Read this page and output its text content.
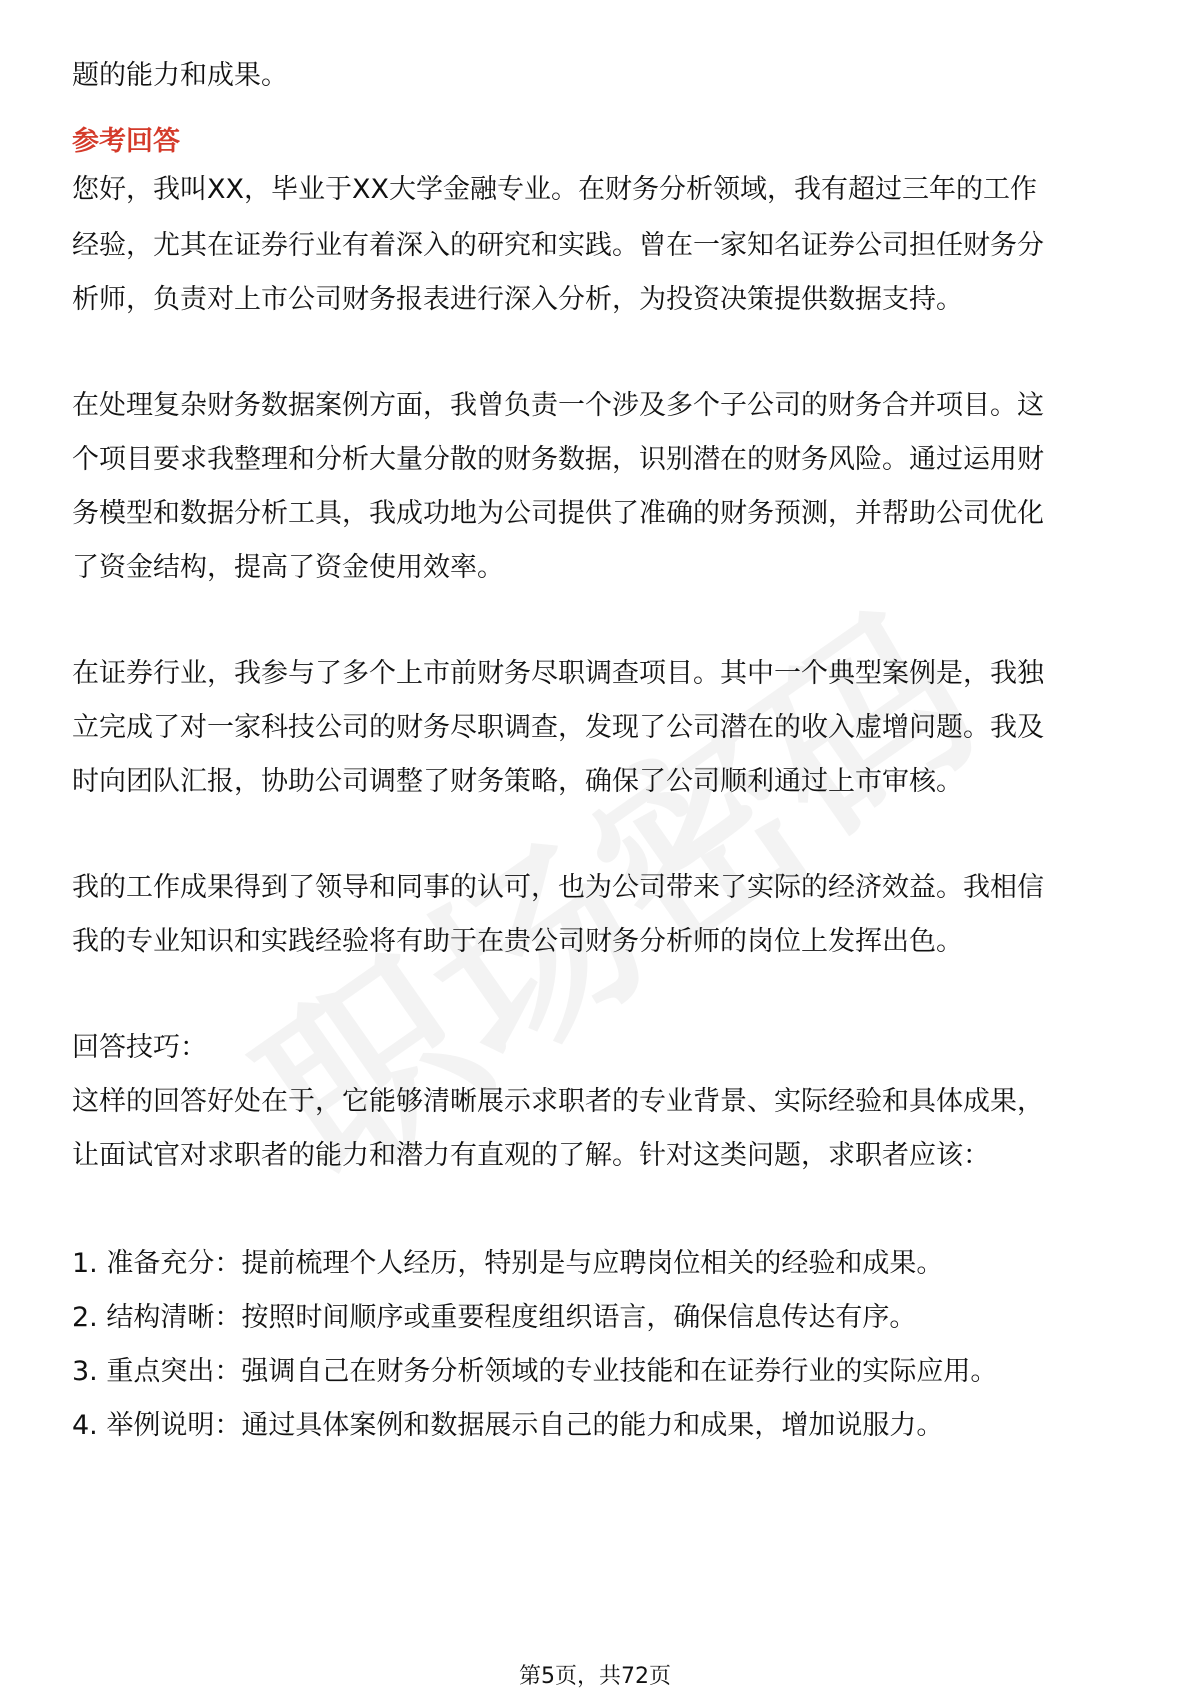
题的能力和成果。
参考回答
您好，我叫XX，毕业于XX大学金融专业。在财务分析领域，我有超过三年的工作
经验，尤其在证券行业有着深入的研究和实践。曾在一家知名证券公司担任财务分
析师，负责对上市公司财务报表进行深入分析，为投资决策提供数据支持。
在处理复杂财务数据案例方面，我曾负责一个涉及多个子公司的财务合并项目。这
个项目要求我整理和分析大量分散的财务数据，识别潜在的财务风险。通过运用财
务模型和数据分析工具，我成功地为公司提供了准确的财务预测，并帮助公司优化
了资金结构，提高了资金使用效率。
在证券行业，我参与了多个上市前财务尽职调查项目。其中一个典型案例是，我独
立完成了对一家科技公司的财务尽职调查，发现了公司潜在的收入虚增问题。我及
时向团队汇报，协助公司调整了财务策略，确保了公司顺利通过上市审核。
我的工作成果得到了领导和同事的认可，也为公司带来了实际的经济效益。我相信
我的专业知识和实践经验将有助于在贵公司财务分析师的岗位上发挥出色。
回答技巧：
这样的回答好处在于，它能够清晰展示求职者的专业背景、实际经验和具体成果，
让面试官对求职者的能力和潜力有直观的了解。针对这类问题，求职者应该：
1. 准备充分：提前梳理个人经历，特别是与应聘岗位相关的经验和成果。
2. 结构清晰：按照时间顺序或重要程度组织语言，确保信息传达有序。
3. 重点突出：强调自己在财务分析领域的专业技能和在证券行业的实际应用。
4. 举例说明：通过具体案例和数据展示自己的能力和成果，增加说服力。
第5页，共72页
